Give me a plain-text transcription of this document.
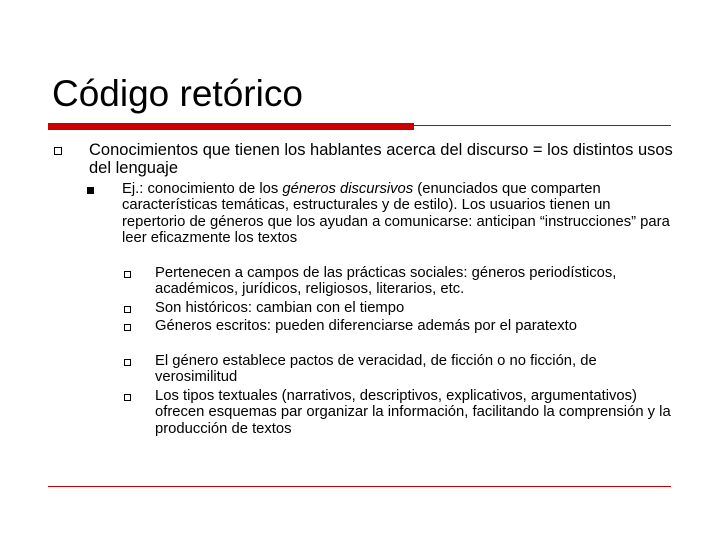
Código retórico
Conocimientos que tienen los hablantes acerca del discurso = los distintos usos del lenguaje
Ej.: conocimiento de los géneros discursivos (enunciados que comparten características temáticas, estructurales y de estilo). Los usuarios tienen un repertorio de géneros que los ayudan a comunicarse: anticipan “instrucciones” para leer eficazmente los textos
Pertenecen a campos de las prácticas sociales: géneros periodísticos, académicos, jurídicos, religiosos, literarios, etc.
Son históricos: cambian con el tiempo
Géneros escritos: pueden diferenciarse además por el paratexto
El género establece pactos de veracidad, de ficción o no ficción, de verosimilitud
Los tipos textuales (narrativos, descriptivos, explicativos, argumentativos) ofrecen esquemas par organizar la información, facilitando la comprensión y la producción de textos
